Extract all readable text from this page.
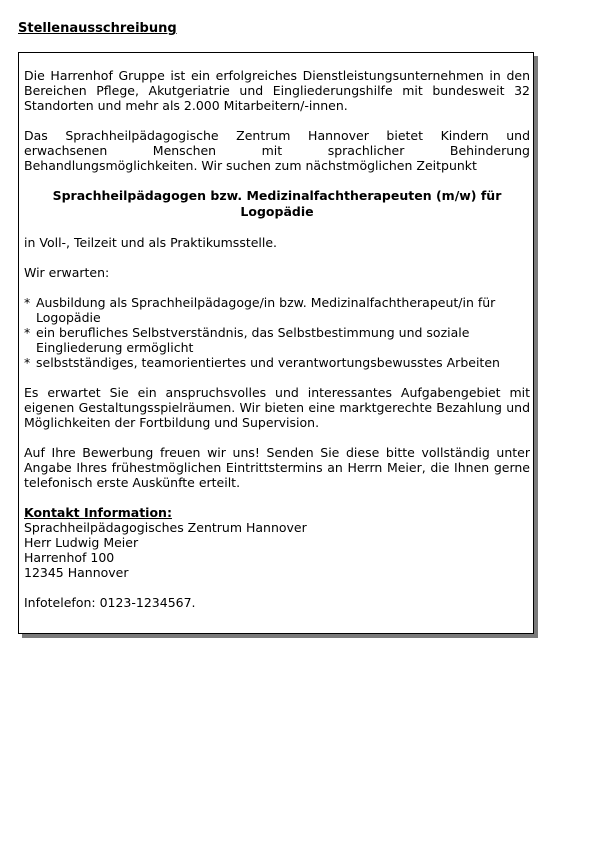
Stellenausschreibung

Die Harrenhof Gruppe ist ein erfolgreiches Dienstleistungsunternehmen in den Bereichen Pflege, Akutgeriatrie und Eingliederungshilfe mit bundesweit 32 Standorten und mehr als 2.000 Mitarbeitern/-innen.

Das Sprachheilpädagogische Zentrum Hannover bietet Kindern und
erwachsenen Menschen mit sprachlicher Behinderung
Behandlungsmöglichkeiten. Wir suchen zum nächstmöglichen Zeitpunkt
Sprachheilpädagogen bzw. Medizinalfachtherapeuten (m/w) für
Logopädie

in Voll-, Teilzeit und als Praktikumsstelle.

Wir erwarten:

* Ausbildung als Sprachheilpädagoge/in bzw. Medizinalfachtherapeut/in für Logopädie
* ein berufliches Selbstverständnis, das Selbstbestimmung und soziale Eingliederung ermöglicht
* selbstständiges, teamorientiertes und verantwortungsbewusstes Arbeiten

Es erwartet Sie ein anspruchsvolles und interessantes Aufgabengebiet mit eigenen Gestaltungsspielräumen. Wir bieten eine marktgerechte Bezahlung und Möglichkeiten der Fortbildung und Supervision.

Auf Ihre Bewerbung freuen wir uns! Senden Sie diese bitte vollständig unter Angabe Ihres frühestmöglichen Eintrittstermins an Herrn Meier, die Ihnen gerne telefonisch erste Auskünfte erteilt.

Kontakt Information:
Sprachheilpädagogisches Zentrum Hannover
Herr Ludwig Meier
Harrenhof 100
12345 Hannover
Infotelefon: 0123-1234567.
